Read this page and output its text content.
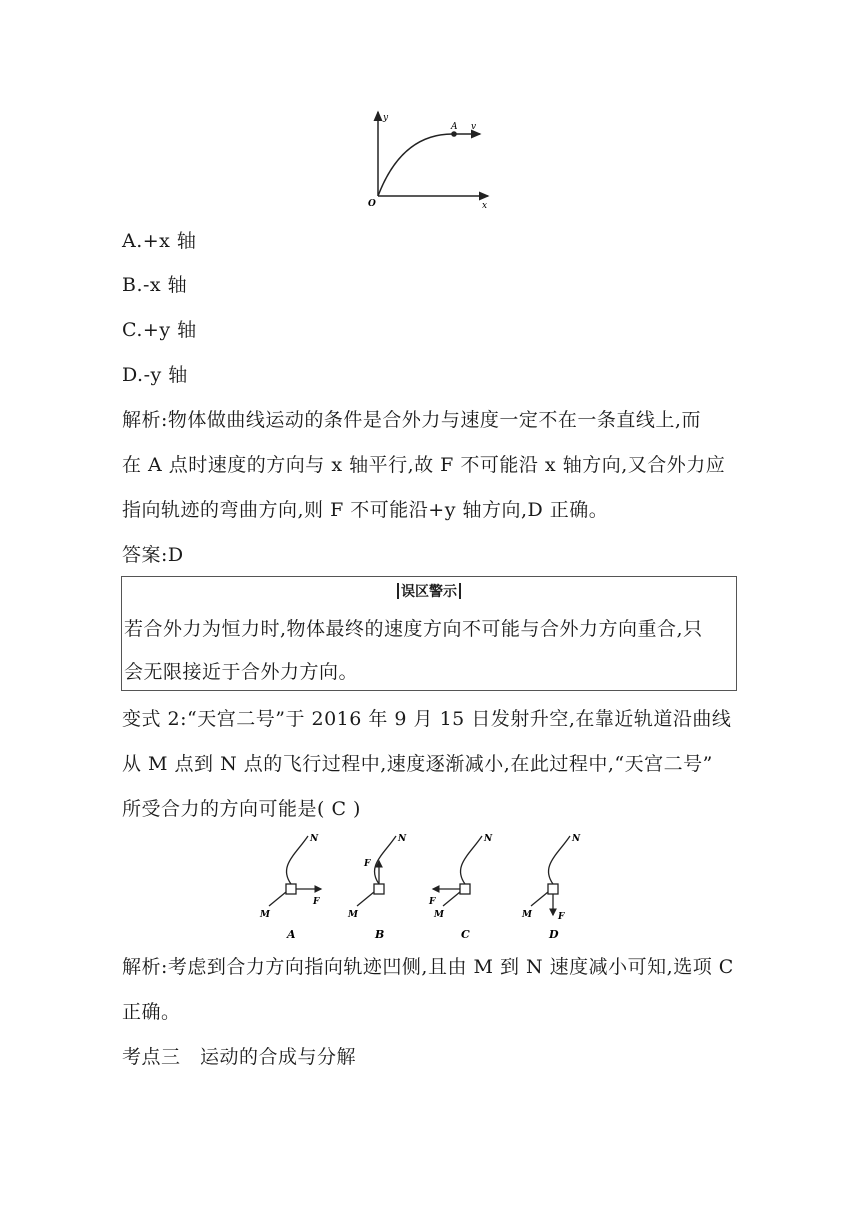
y
x
O
A v
A.+x 轴
B.-x 轴
C.+y 轴
D.-y 轴
解析:物体做曲线运动的条件是合外力与速度一定不在一条直线上,而
在 A 点时速度的方向与 x 轴平行,故 F 不可能沿 x 轴方向,又合外力应
指向轨迹的弯曲方向,则 F 不可能沿+y 轴方向,D 正确。
答案:D
误区警示
若合外力为恒力时,物体最终的速度方向不可能与合外力方向重合,只
会无限接近于合外力方向。
变式 2:“天宫二号”于 2016 年 9 月 15 日发射升空,在靠近轨道沿曲线
从 M 点到 N 点的飞行过程中,速度逐渐减小,在此过程中,“天宫二号”
所受合力的方向可能是( C )
F
M
N
A
F
M
N
B
F
M
N
C
F
M
N
D
解析:考虑到合力方向指向轨迹凹侧,且由 M 到 N 速度减小可知,选项 C
正确。
考点三　运动的合成与分解
